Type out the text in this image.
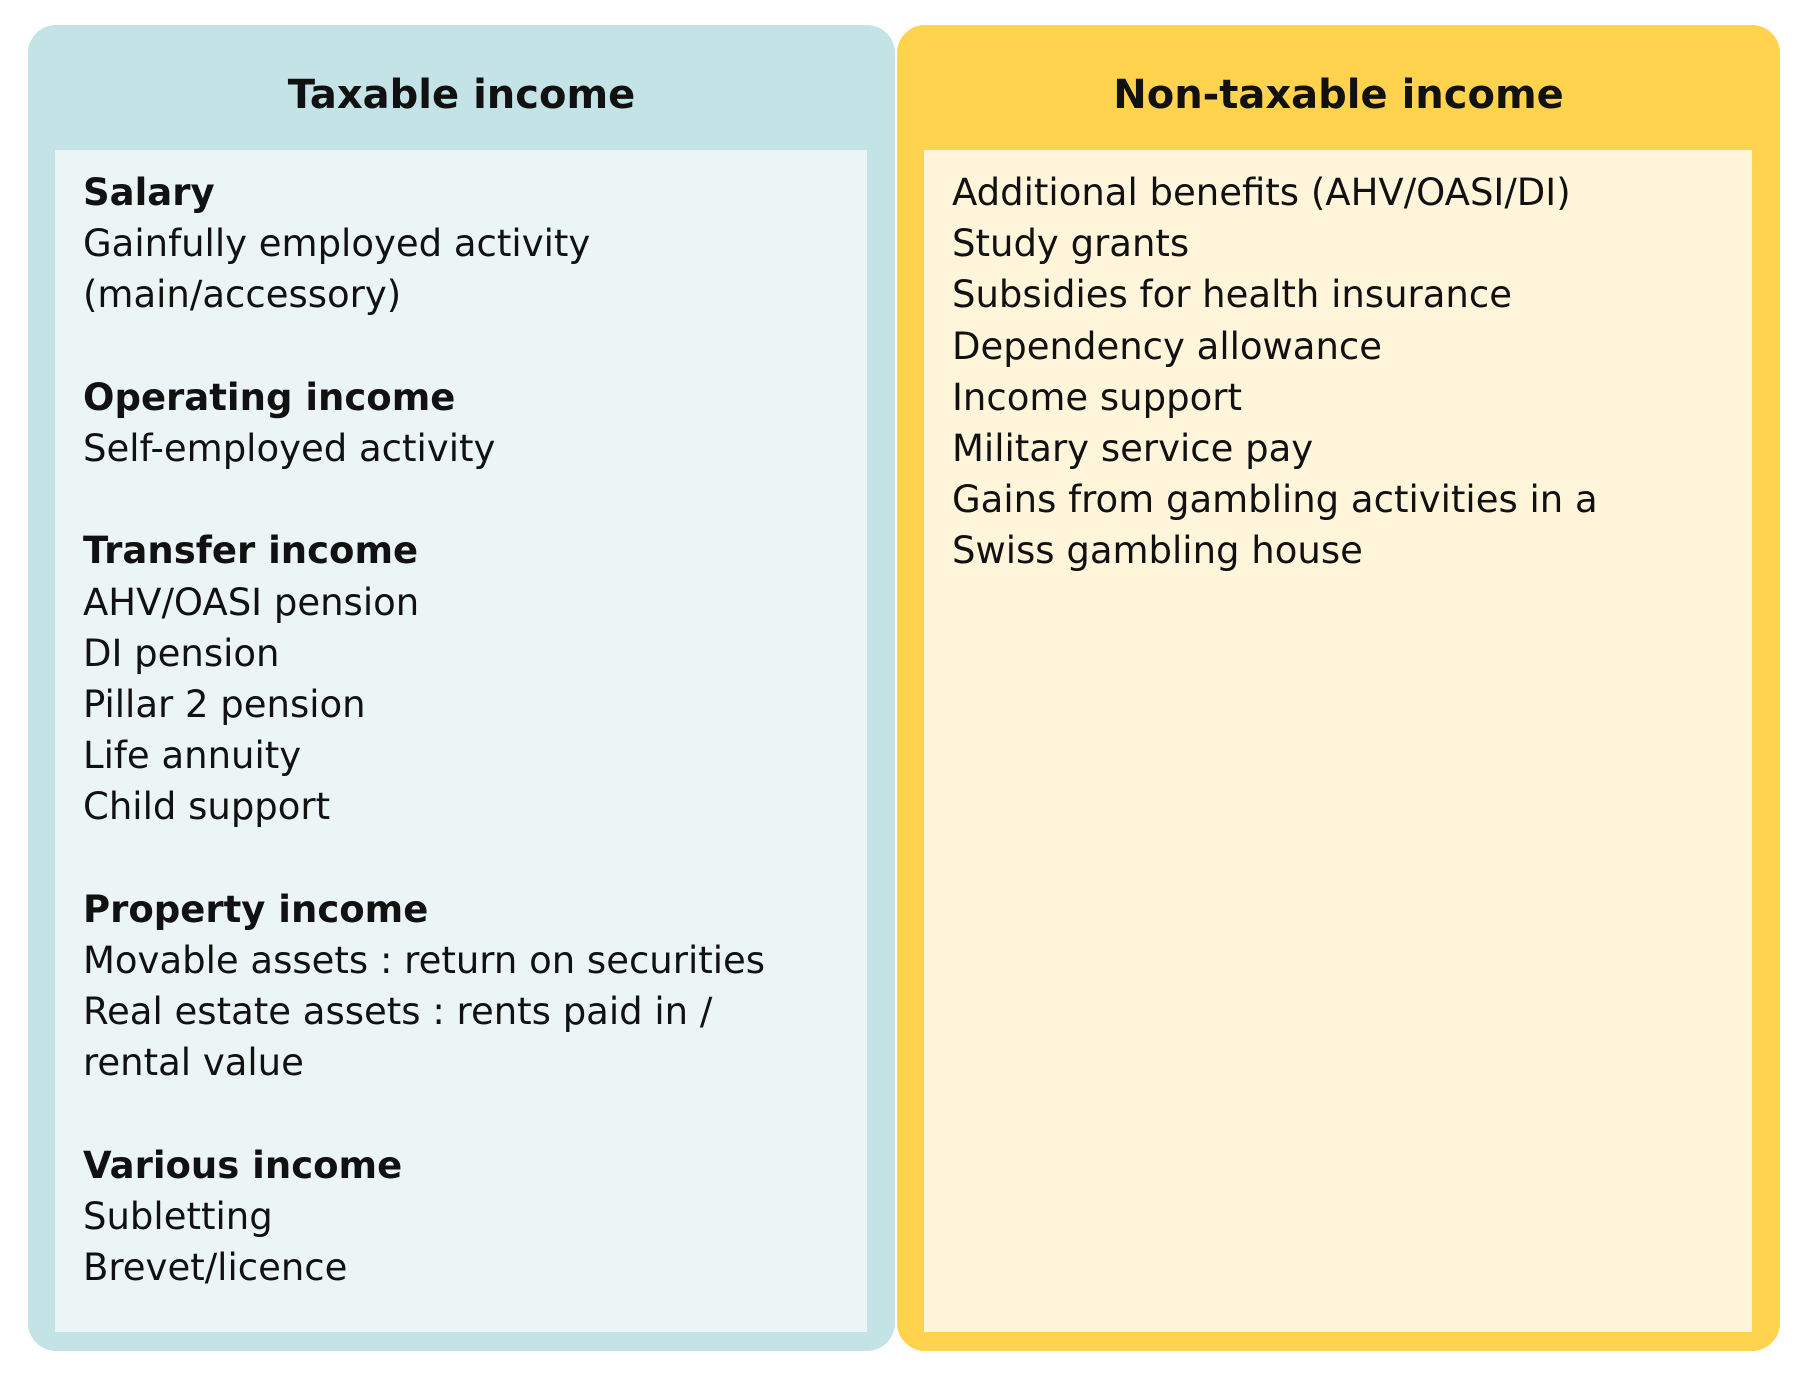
Taxable income
Salary
Gainfully employed activity
(main/accessory)
Operating income
Self-employed activity
Transfer income
AHV/OASI pension
DI pension
Pillar 2 pension
Life annuity
Child support
Property income
Movable assets : return on securities
Real estate assets : rents paid in /
rental value
Various income
Subletting
Brevet/licence
Non-taxable income
Additional benefits (AHV/OASI/DI)
Study grants
Subsidies for health insurance
Dependency allowance
Income support
Military service pay
Gains from gambling activities in a
Swiss gambling house
